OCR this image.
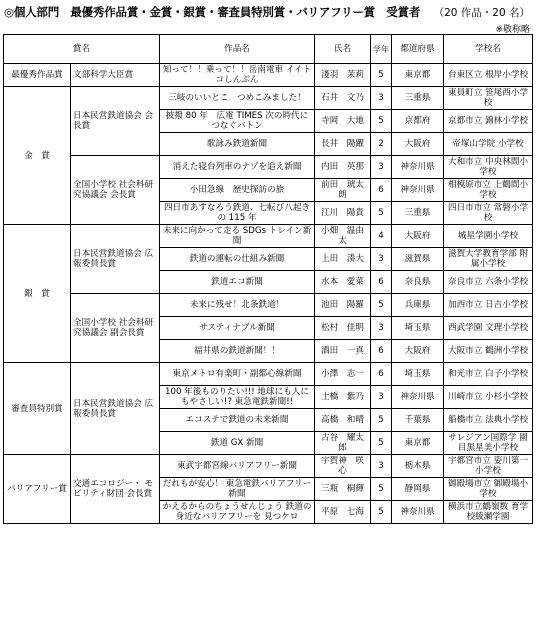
◎個人部門　最優秀作品賞・金賞・銀賞・審査員特別賞・バリアフリー賞　受賞者 （20 作品・20 名）
※敬称略
賞名		作品名	氏名	学年	都道府県	学校名
最優秀作品賞	文部科学大臣賞	知って！！乗って！！岳南電車 イイトコしんぶん	淺羽　茉莉	5	東京都	台東区立 根岸小学校
金　賞	日本民営鉄道協会 会長賞	三岐のいいとこ　つめこみました！	石井　文乃	3	三重県	東員町立 笹尾西小学校
		披撥 80 年　広電 TIMES 次の時代につなぐバトン	寺岡　大地	5	京都府	京都市立 錦林小学校
		歌詠み鉄道新聞	長井　陽躍	2	大阪府	帝塚山学院 小学校
	全国小学校 社会科研究協議会 会長賞	消えた寝台列車のナゾを追え新聞	内田　英那	3	神奈川県	大和市立 中央林間小学校
		小田急線　歴史探訪の旅	前田　琥太朗	6	神奈川県	相模原市立 上鶴間小学校
		四日市あすなろう鉄道、七転び八起きの 115 年	江川　陽貴	5	三重県	四日市市立 常磐小学校
銀　賞	日本民営鉄道協会 広報委員長賞	未来に向かって走る SDGs トレイン新聞	小畑　温由太	4	大阪府	城星学園小学校
		鉄道の運転の仕組み新聞	上田　湊大	3	滋賀県	滋賀大学教育学部 附属小学校
		鉄道エコ新聞	水本　愛菜	6	奈良県	奈良市立 六条小学校
	全国小学校 社会科研究協議会 副会長賞	未来に残せ！北条鉄道！	池田　陽羅	5	兵庫県	加西市立 日吉小学校
		サスティナブル新聞	松村　佳明	3	埼玉県	西武学園 文理小学校
		福井県の鉄道新聞！！	酒田　一真	6	大阪府	大阪市立 鶴洲小学校
審査員特別賞	日本民営鉄道協会 広報委員長賞	東京メトロ有楽町・副都心線新聞	小澤　志一	6	埼玉県	和光市立 白子小学校
		100 年後ものりたい!!! 地球にも人にもやさしい!? 東急電鉄新聞!!	土橋　紫乃	3	神奈川県	川崎市立 小杉小学校
		エコステで鉄道の未来新聞	高橋　和晴	5	千葉県	船橋市立 法典小学校
		鉄道 GX 新聞	古谷　耀太郎	5	東京都	サレジアン国際学 園目黒星美小学校
バリアフリー賞	交通エコロジー・ モビリティ財団 会長賞	東武宇都宮線バリアフリー新聞	宇賀神　咲心	3	栃木県	宇都宮市立 姿川第一小学校
		だれもが安心！ 東急電鉄バリアフリー新聞	三瓶　桐輝	5	静岡県	御殿場市立 御殿場小学校
		かえるからのちょうせんじょう 鉄道の身近なバリアフリーを 見つケロ	平原　七海	5	神奈川県	横浜市立鶴嶺数 育学校綾瀬学園
